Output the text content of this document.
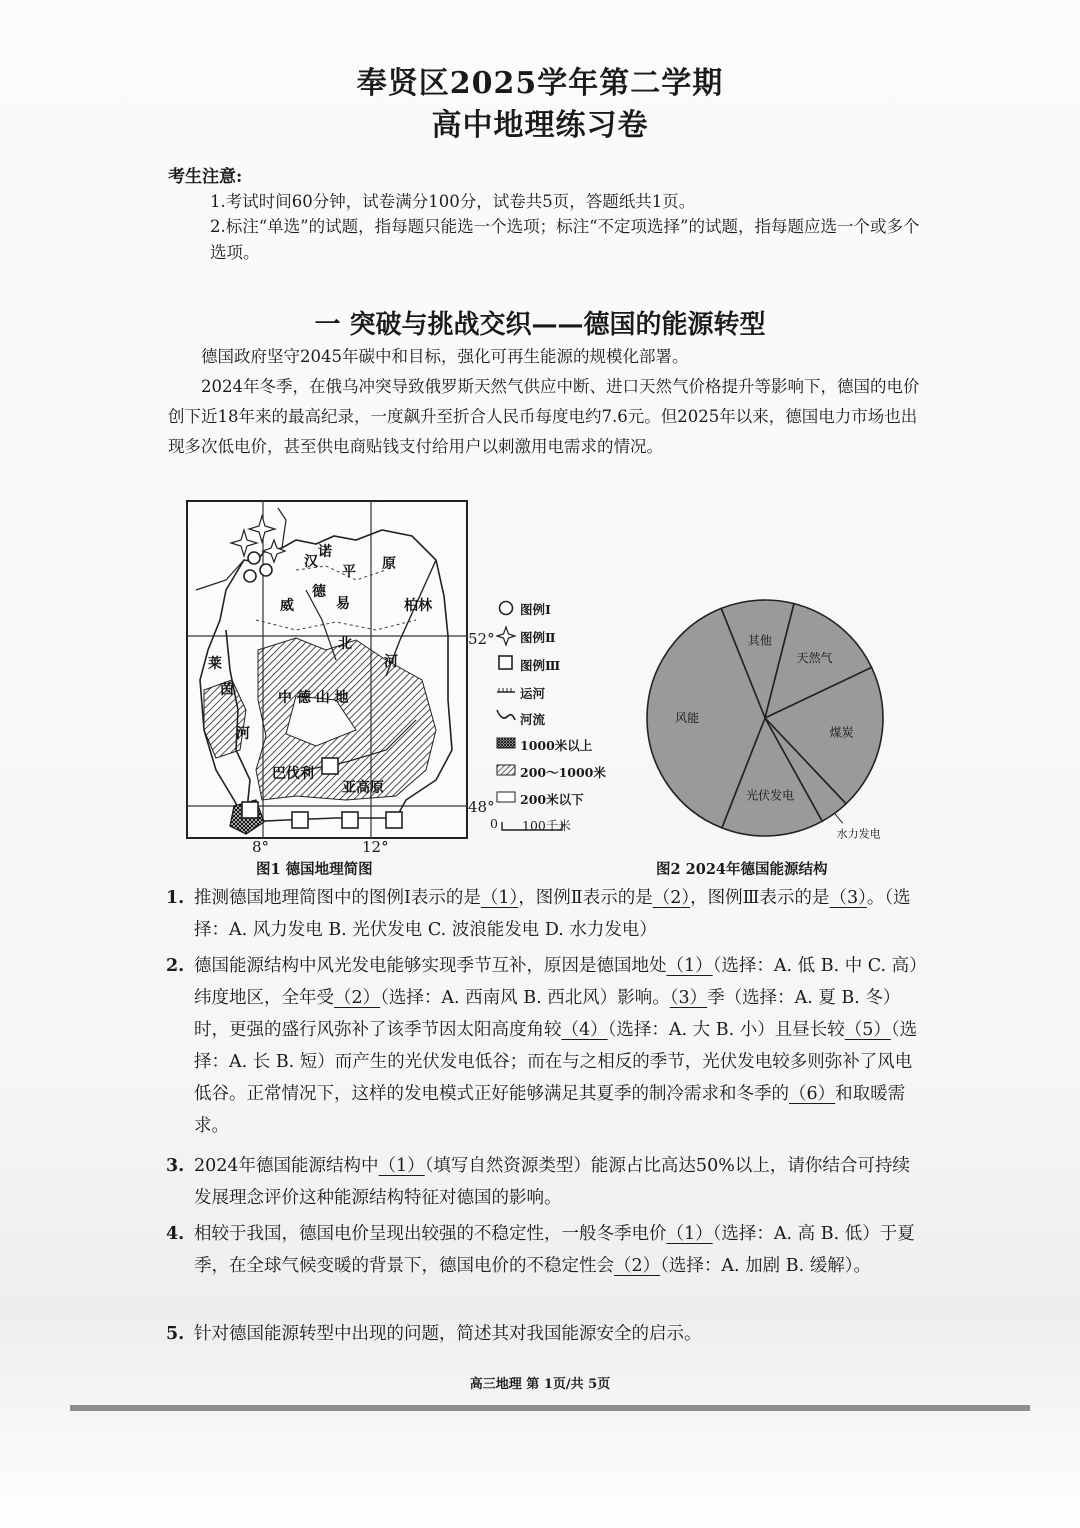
奉贤区2025学年第二学期
高中地理练习卷
考生注意:
1.考试时间60分钟，试卷满分100分，试卷共5页，答题纸共1页。
2.标注“单选”的试题，指每题只能选一个选项；标注“不定项选择”的试题，指每题应选一个或多个选项。
一 突破与挑战交织——德国的能源转型
德国政府坚守2045年碳中和目标，强化可再生能源的规模化部署。
2024年冬季，在俄乌冲突导致俄罗斯天然气供应中断、进口天然气价格提升等影响下，德国的电价创下近18年来的最高纪录，一度飙升至折合人民币每度电约7.6元。但2025年以来，德国电力市场也出现多次低电价，甚至供电商贴钱支付给用户以刺激用电需求的情况。
汉
诺
平 原
威
德
易	柏林
北
河
莱
茵
河
中 德 山 地
巴伐利
亚高原
52°
48°
8°	12°
图例Ⅰ
图例Ⅱ
图例Ⅲ
运河
河流
1000米以上
200～1000米
200米以下
0 100千米
图1 德国地理简图
其他
天然气
煤炭
水力发电
光伏发电
风能
图2 2024年德国能源结构
1. 推测德国地理简图中的图例Ⅰ表示的是（1），图例Ⅱ表示的是（2），图例Ⅲ表示的是（3）。（选择：A. 风力发电 B. 光伏发电 C. 波浪能发电 D. 水力发电）
2. 德国能源结构中风光发电能够实现季节互补，原因是德国地处（1）（选择：A. 低 B. 中 C. 高）纬度地区，全年受（2）（选择：A. 西南风 B. 西北风）影响。（3）季（选择：A. 夏 B. 冬）时，更强的盛行风弥补了该季节因太阳高度角较（4）（选择：A. 大 B. 小）且昼长较（5）（选择：A. 长 B. 短）而产生的光伏发电低谷；而在与之相反的季节，光伏发电较多则弥补了风电低谷。正常情况下，这样的发电模式正好能够满足其夏季的制冷需求和冬季的（6）和取暖需求。
3. 2024年德国能源结构中（1）（填写自然资源类型）能源占比高达50%以上，请你结合可持续发展理念评价这种能源结构特征对德国的影响。
4. 相较于我国，德国电价呈现出较强的不稳定性，一般冬季电价（1）（选择：A. 高 B. 低）于夏季，在全球气候变暖的背景下，德国电价的不稳定性会（2）（选择：A. 加剧 B. 缓解）。
5. 针对德国能源转型中出现的问题，简述其对我国能源安全的启示。
高三地理 第 1页/共 5页
